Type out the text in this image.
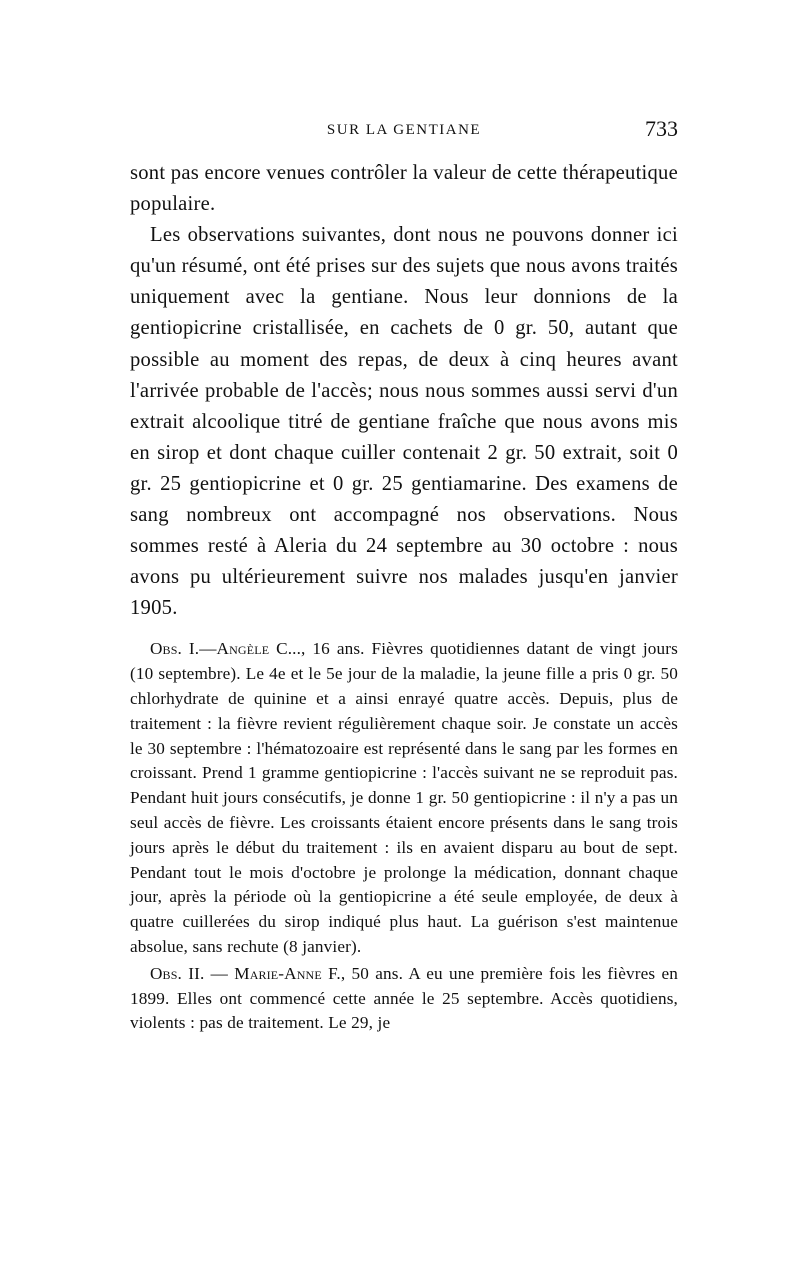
SUR LA GENTIANE	733

sont pas encore venues contrôler la valeur de cette thérapeutique populaire.

Les observations suivantes, dont nous ne pouvons donner ici qu'un résumé, ont été prises sur des sujets que nous avons traités uniquement avec la gentiane. Nous leur donnions de la gentiopicrine cristallisée, en cachets de 0 gr. 50, autant que possible au moment des repas, de deux à cinq heures avant l'arrivée probable de l'accès; nous nous sommes aussi servi d'un extrait alcoolique titré de gentiane fraîche que nous avons mis en sirop et dont chaque cuiller contenait 2 gr. 50 extrait, soit 0 gr. 25 gentiopicrine et 0 gr. 25 gentiamarine. Des examens de sang nombreux ont accompagné nos observations. Nous sommes resté à Aleria du 24 septembre au 30 octobre : nous avons pu ultérieurement suivre nos malades jusqu'en janvier 1905.

Obs. I.—Angèle C..., 16 ans. Fièvres quotidiennes datant de vingt jours (10 septembre). Le 4e et le 5e jour de la maladie, la jeune fille a pris 0 gr. 50 chlorhydrate de quinine et a ainsi enrayé quatre accès. Depuis, plus de traitement : la fièvre revient régulièrement chaque soir. Je constate un accès le 30 septembre : l'hématozoaire est représenté dans le sang par les formes en croissant. Prend 1 gramme gentiopicrine : l'accès suivant ne se reproduit pas. Pendant huit jours consécutifs, je donne 1 gr. 50 gentiopicrine : il n'y a pas un seul accès de fièvre. Les croissants étaient encore présents dans le sang trois jours après le début du traitement : ils en avaient disparu au bout de sept. Pendant tout le mois d'octobre je prolonge la médication, donnant chaque jour, après la période où la gentiopicrine a été seule employée, de deux à quatre cuillerées du sirop indiqué plus haut. La guérison s'est maintenue absolue, sans rechute (8 janvier).

Obs. II. — Marie-Anne F., 50 ans. A eu une première fois les fièvres en 1899. Elles ont commencé cette année le 25 septembre. Accès quotidiens, violents : pas de traitement. Le 29, je
